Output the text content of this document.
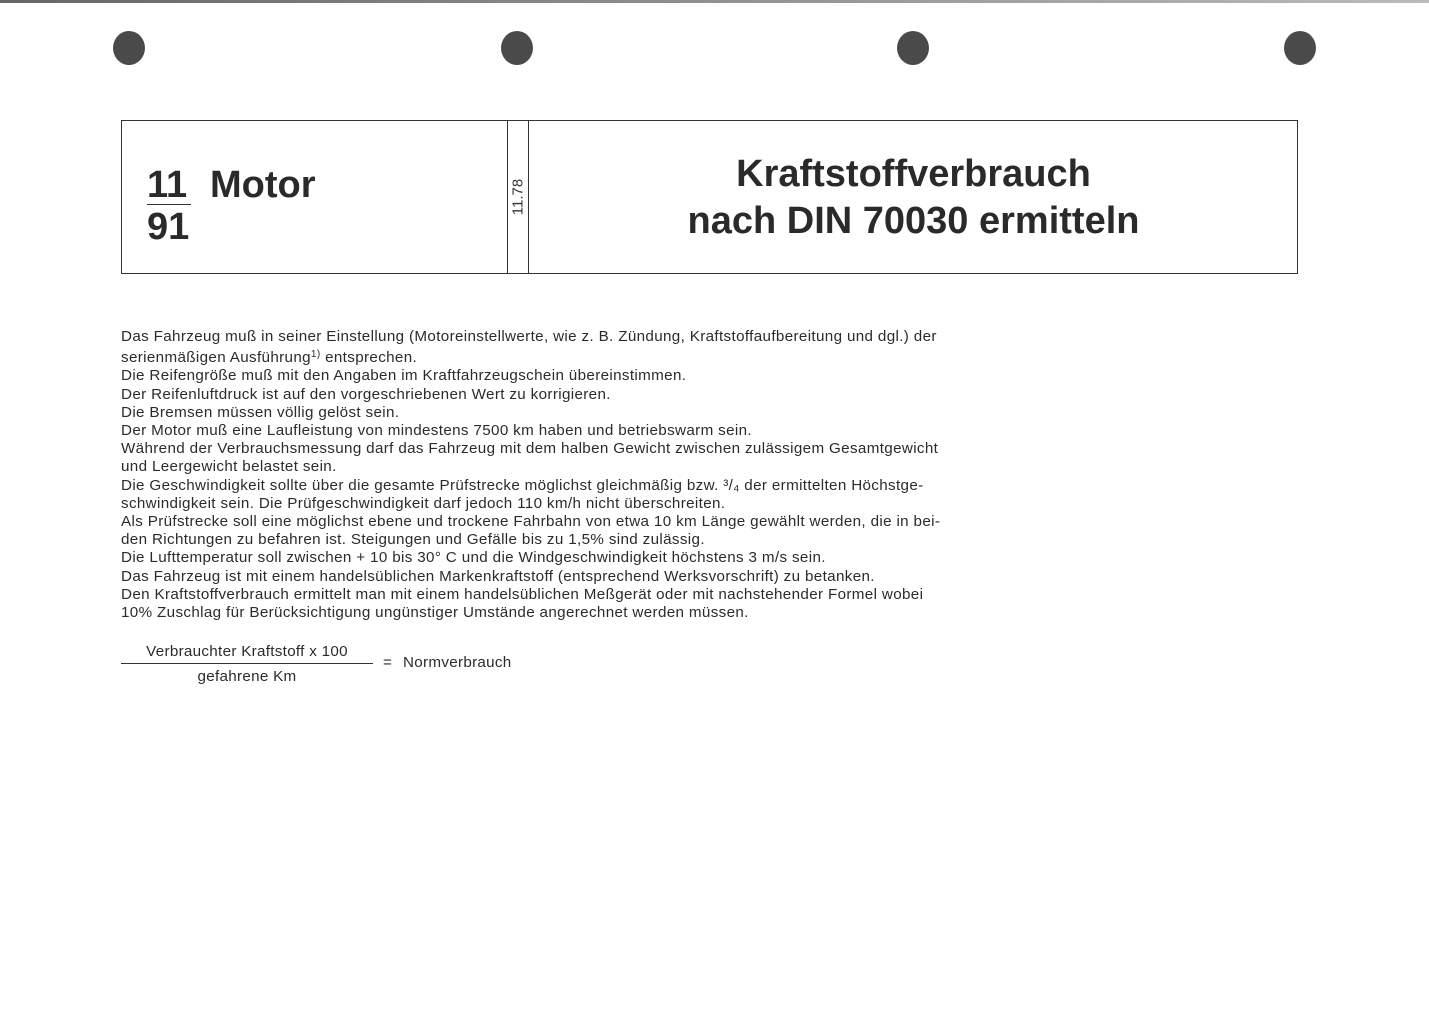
11
91
Motor	11.78
Kraftstoffverbrauch
nach DIN 70030 ermitteln
Das Fahrzeug muß in seiner Einstellung (Motoreinstellwerte, wie z. B. Zündung, Kraftstoffaufbereitung und dgl.) der
serienmäßigen Ausführung$^{1)}$ entsprechen.
Die Reifengröße muß mit den Angaben im Kraftfahrzeugschein übereinstimmen.
Der Reifenluftdruck ist auf den vorgeschriebenen Wert zu korrigieren.
Die Bremsen müssen völlig gelöst sein.
Der Motor muß eine Laufleistung von mindestens 7500 km haben und betriebswarm sein.
Während der Verbrauchsmessung darf das Fahrzeug mit dem halben Gewicht zwischen zulässigem Gesamtgewicht
und Leergewicht belastet sein.
Die Geschwindigkeit sollte über die gesamte Prüfstrecke möglichst gleichmäßig bzw. ³/₄ der ermittelten Höchstge-
schwindigkeit sein. Die Prüfgeschwindigkeit darf jedoch 110 km/h nicht überschreiten.
Als Prüfstrecke soll eine möglichst ebene und trockene Fahrbahn von etwa 10 km Länge gewählt werden, die in bei-
den Richtungen zu befahren ist. Steigungen und Gefälle bis zu 1,5% sind zulässig.
Die Lufttemperatur soll zwischen + 10 bis 30° C und die Windgeschwindigkeit höchstens 3 m/s sein.
Das Fahrzeug ist mit einem handelsüblichen Markenkraftstoff (entsprechend Werksvorschrift) zu betanken.
Den Kraftstoffverbrauch ermittelt man mit einem handelsüblichen Meßgerät oder mit nachstehender Formel wobei
10% Zuschlag für Berücksichtigung ungünstiger Umstände angerechnet werden müssen.
Verbrauchter Kraftstoff x 100
gefahrene Km
= Normverbrauch
